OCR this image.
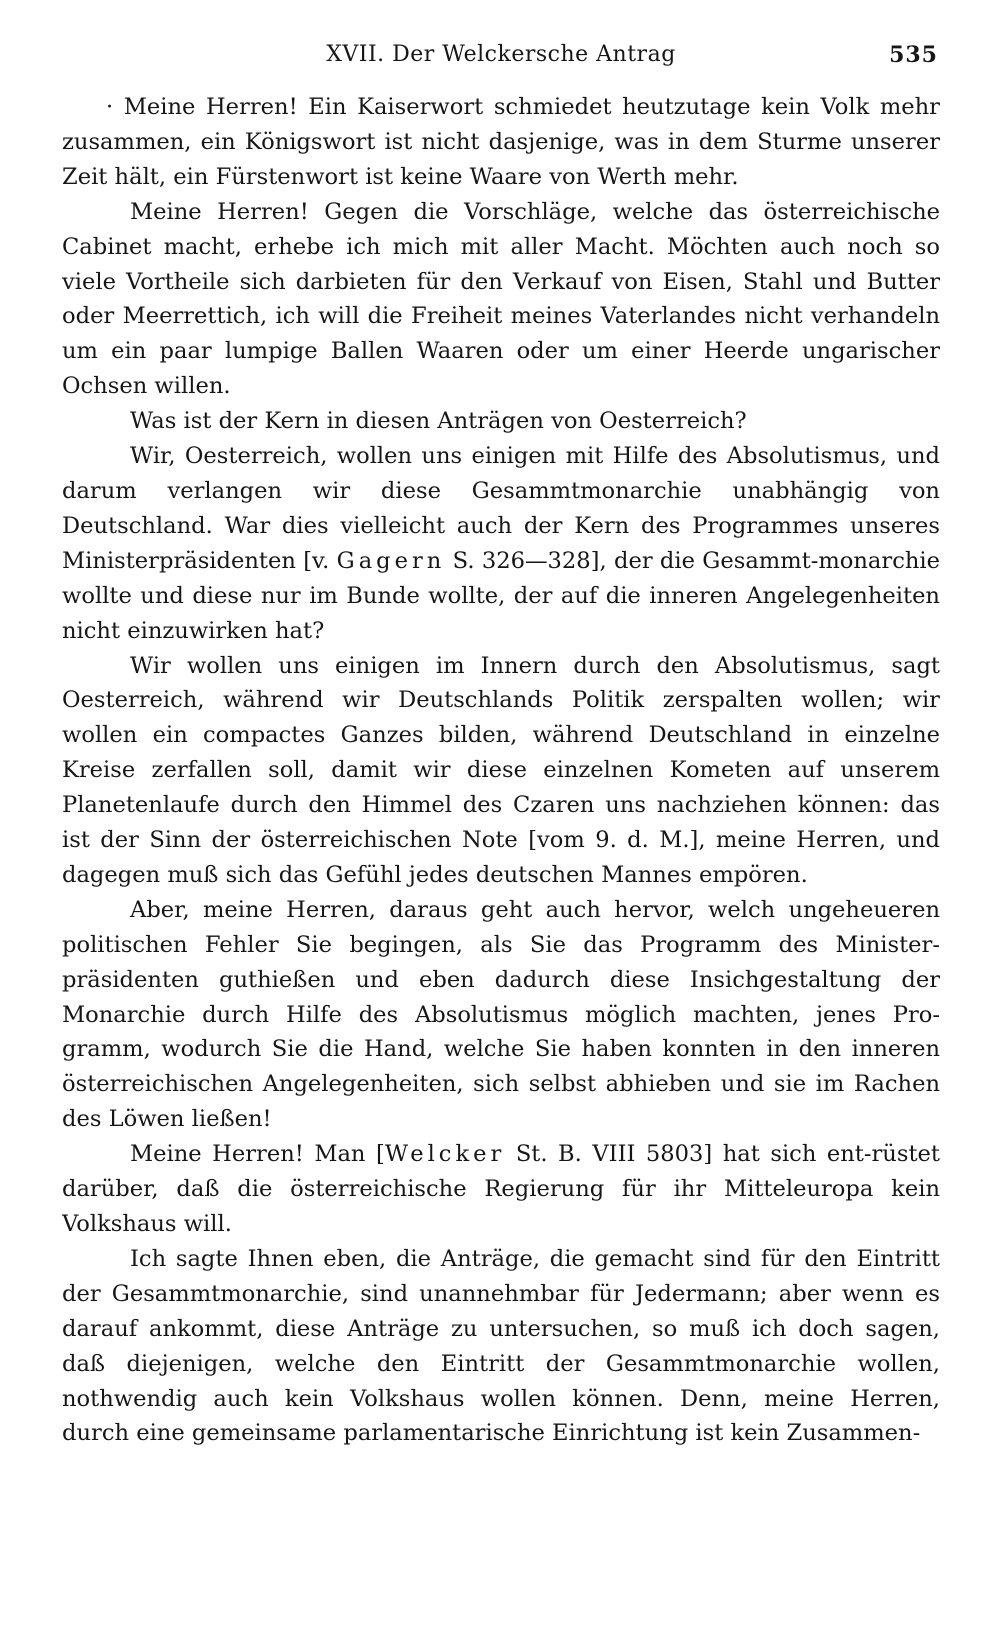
XVII. Der Welckersche Antrag	535

· Meine Herren! Ein Kaiserwort schmiedet heutzutage kein Volk mehr zusammen, ein Königswort ist nicht dasjenige, was in dem Sturme unserer Zeit hält, ein Fürstenwort ist keine Waare von Werth mehr.

Meine Herren! Gegen die Vorschläge, welche das österreichische Cabinet macht, erhebe ich mich mit aller Macht. Möchten auch noch so viele Vortheile sich darbieten für den Verkauf von Eisen, Stahl und Butter oder Meerrettich, ich will die Freiheit meines Vaterlandes nicht verhandeln um ein paar lumpige Ballen Waaren oder um einer Heerde ungarischer Ochsen willen.

Was ist der Kern in diesen Anträgen von Oesterreich?

Wir, Oesterreich, wollen uns einigen mit Hilfe des Absolutismus, und darum verlangen wir diese Gesammtmonarchie unabhängig von Deutschland. War dies vielleicht auch der Kern des Programmes unseres Ministerpräsidenten [v. Gagern S. 326—328], der die Gesammt-monarchie wollte und diese nur im Bunde wollte, der auf die inneren Angelegenheiten nicht einzuwirken hat?

Wir wollen uns einigen im Innern durch den Absolutismus, sagt Oesterreich, während wir Deutschlands Politik zerspalten wollen; wir wollen ein compactes Ganzes bilden, während Deutschland in einzelne Kreise zerfallen soll, damit wir diese einzelnen Kometen auf unserem Planetenlaufe durch den Himmel des Czaren uns nachziehen können: das ist der Sinn der österreichischen Note [vom 9. d. M.], meine Herren, und dagegen muß sich das Gefühl jedes deutschen Mannes empören.

Aber, meine Herren, daraus geht auch hervor, welch ungeheueren politischen Fehler Sie begingen, als Sie das Programm des Minister-präsidenten guthießen und eben dadurch diese Insichgestaltung der Monarchie durch Hilfe des Absolutismus möglich machten, jenes Pro-gramm, wodurch Sie die Hand, welche Sie haben konnten in den inneren österreichischen Angelegenheiten, sich selbst abhieben und sie im Rachen des Löwen ließen!

Meine Herren! Man [Welcker St. B. VIII 5803] hat sich ent-rüstet darüber, daß die österreichische Regierung für ihr Mitteleuropa kein Volkshaus will.

Ich sagte Ihnen eben, die Anträge, die gemacht sind für den Eintritt der Gesammtmonarchie, sind unannehmbar für Jedermann; aber wenn es darauf ankommt, diese Anträge zu untersuchen, so muß ich doch sagen, daß diejenigen, welche den Eintritt der Gesammtmonarchie wollen, nothwendig auch kein Volkshaus wollen können. Denn, meine Herren, durch eine gemeinsame parlamentarische Einrichtung ist kein Zusammen-
